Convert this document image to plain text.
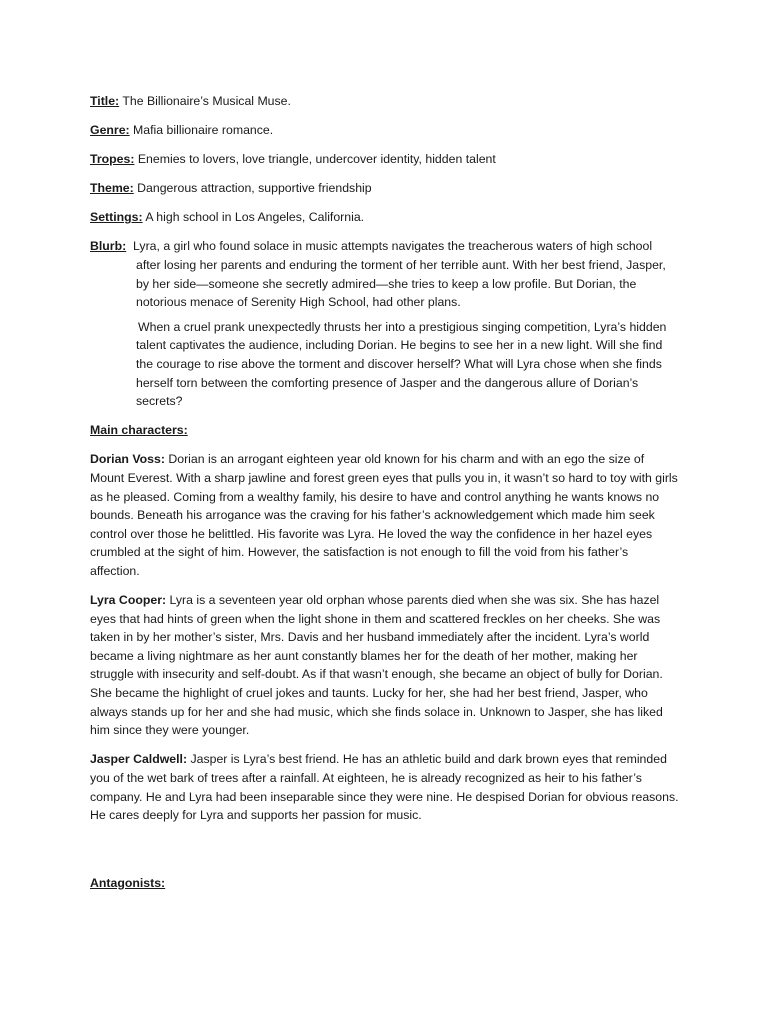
Title: The Billionaire’s Musical Muse.
Genre: Mafia billionaire romance.
Tropes: Enemies to lovers, love triangle, undercover identity, hidden talent
Theme: Dangerous attraction, supportive friendship
Settings: A high school in Los Angeles, California.
Blurb: Lyra, a girl who found solace in music attempts navigates the treacherous waters of high school
after losing her parents and enduring the torment of her terrible aunt. With her best friend, Jasper, by her side—someone she secretly admired—she tries to keep a low profile. But Dorian, the notorious menace of Serenity High School, had other plans.
When a cruel prank unexpectedly thrusts her into a prestigious singing competition, Lyra’s hidden talent captivates the audience, including Dorian. He begins to see her in a new light. Will she find the courage to rise above the torment and discover herself? What will Lyra chose when she finds herself torn between the comforting presence of Jasper and the dangerous allure of Dorian’s secrets?
Main characters:
Dorian Voss: Dorian is an arrogant eighteen year old known for his charm and with an ego the size of Mount Everest. With a sharp jawline and forest green eyes that pulls you in, it wasn’t so hard to toy with girls as he pleased. Coming from a wealthy family, his desire to have and control anything he wants knows no bounds. Beneath his arrogance was the craving for his father’s acknowledgement which made him seek control over those he belittled. His favorite was Lyra. He loved the way the confidence in her hazel eyes crumbled at the sight of him. However, the satisfaction is not enough to fill the void from his father’s affection.
Lyra Cooper: Lyra is a seventeen year old orphan whose parents died when she was six. She has hazel eyes that had hints of green when the light shone in them and scattered freckles on her cheeks. She was taken in by her mother’s sister, Mrs. Davis and her husband immediately after the incident. Lyra’s world became a living nightmare as her aunt constantly blames her for the death of her mother, making her struggle with insecurity and self-doubt. As if that wasn’t enough, she became an object of bully for Dorian. She became the highlight of cruel jokes and taunts. Lucky for her, she had her best friend, Jasper, who always stands up for her and she had music, which she finds solace in. Unknown to Jasper, she has liked him since they were younger.
Jasper Caldwell: Jasper is Lyra’s best friend. He has an athletic build and dark brown eyes that reminded you of the wet bark of trees after a rainfall. At eighteen, he is already recognized as heir to his father’s company. He and Lyra had been inseparable since they were nine. He despised Dorian for obvious reasons. He cares deeply for Lyra and supports her passion for music.
Antagonists:
